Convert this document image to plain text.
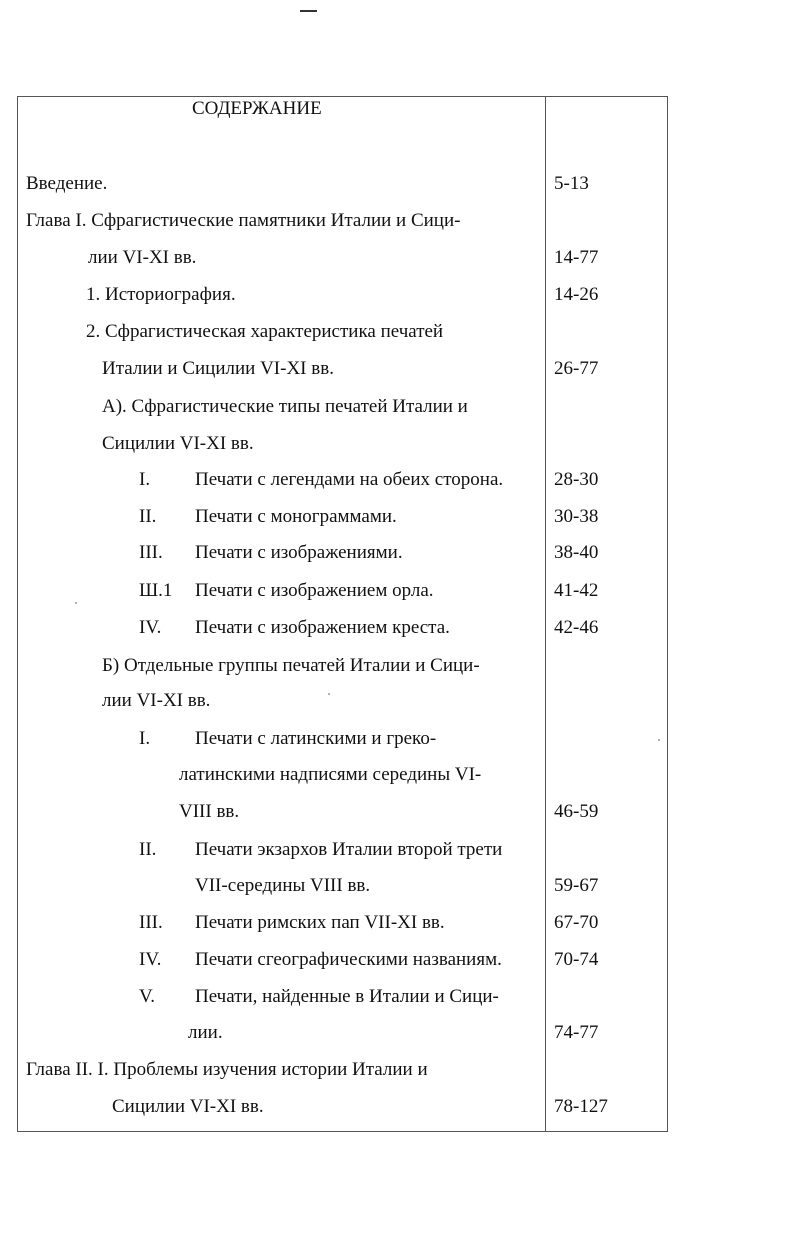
СОДЕРЖАНИЕ
Введение.	5-13
Глава I. Сфрагистические памятники Италии и Сици-
лии VI-XI вв.	14-77
1. Историография.	14-26
2. Сфрагистическая характеристика печатей
Италии и Сицилии VI-XI вв.	26-77
А). Сфрагистические типы печатей Италии и
Сицилии VI-XI вв.
I. Печати с легендами на обеих сторона.	28-30
II. Печати с монограммами.	30-38
III. Печати с изображениями.	38-40
Ш.1 Печати с изображением орла.	41-42
IV. Печати с изображением креста.	42-46
Б) Отдельные группы печатей Италии и Сици-
лии VI-XI вв.
I. Печати с латинскими и греко-
латинскими надписями середины VI-
VIII вв.	46-59
II. Печати экзархов Италии второй трети
VII-середины VIII вв.	59-67
III. Печати римских пап VII-XI вв.	67-70
IV. Печати сгеографическими названиям.	70-74
V. Печати, найденные в Италии и Сици-
лии.	74-77
Глава II. I. Проблемы изучения истории Италии и
Сицилии VI-XI вв.	78-127
